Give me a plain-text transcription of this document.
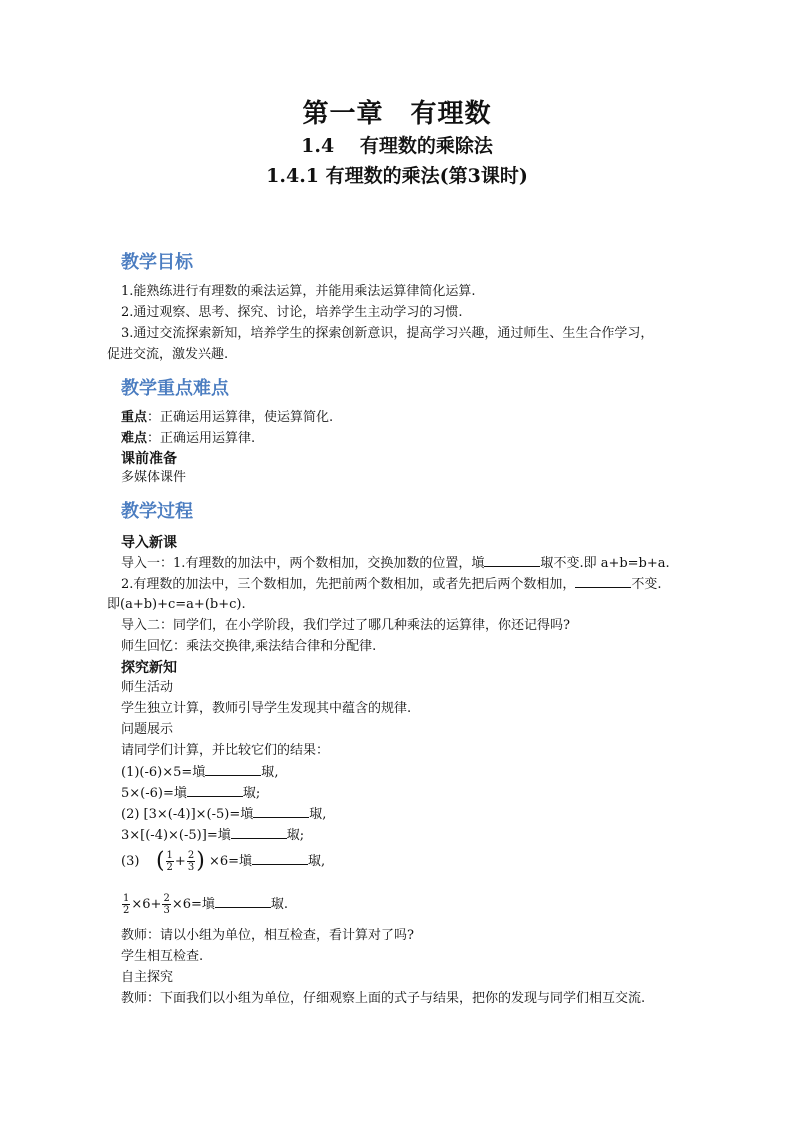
第一章　有理数
1.4　 有理数的乘除法
1.4.1 有理数的乘法(第3课时)
教学目标
1.能熟练进行有理数的乘法运算，并能用乘法运算律简化运算.
2.通过观察、思考、探究、讨论，培养学生主动学习的习惯.
3.通过交流探索新知，培养学生的探索创新意识，提高学习兴趣，通过师生、生生合作学习，
促进交流，激发兴趣.
教学重点难点
重点：正确运用运算律，使运算简化.
难点：正确运用运算律.
课前准备
多媒体课件
教学过程
导入新课
导入一：1.有理数的加法中，两个数相加，交换加数的位置，塡	琡不变.即 a+b=b+a.
2.有理数的加法中，三个数相加，先把前两个数相加，或者先把后两个数相加，	不变.
即(a+b)+c=a+(b+c).
导入二：同学们，在小学阶段，我们学过了哪几种乘法的运算律，你还记得吗?
师生回忆：乘法交换律,乘法结合律和分配律.
探究新知
师生活动
学生独立计算，教师引导学生发现其中蕴含的规律.
问题展示
请同学们计算，并比较它们的结果：
(1)(-6)×5=塡	琡,
5×(-6)=塡	琡;
(2) [3×(-4)]×(-5)=塡	琡,
3×[(-4)×(-5)]=塡	琡;
(3) ( $\frac{1}{2} + \frac{2}{3}$ ) ×6=塡	琡,
$\frac{1}{2} \times 6+ \frac{2}{3} \times 6=$塡	琡.
教师：请以小组为单位，相互检查，看计算对了吗?
学生相互检查.
自主探究
教师：下面我们以小组为单位，仔细观察上面的式子与结果，把你的发现与同学们相互交流.
